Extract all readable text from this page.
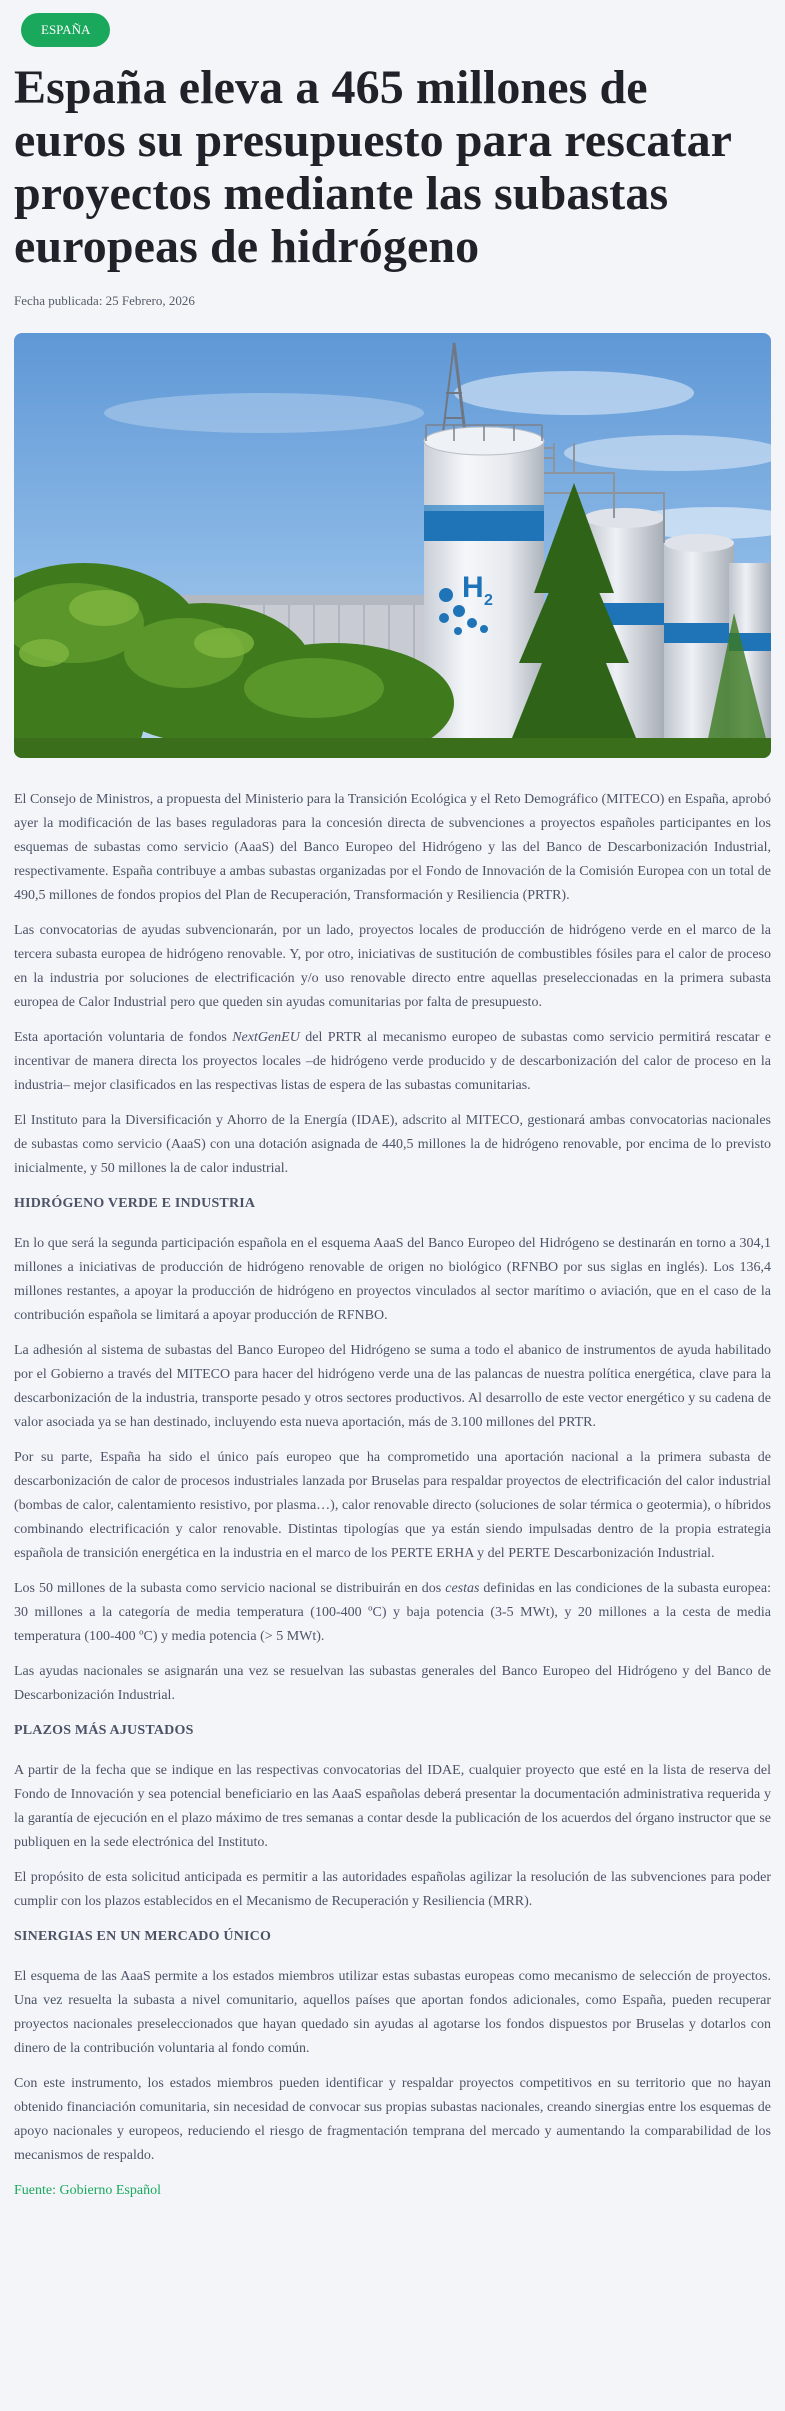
ESPAÑA
España eleva a 465 millones de euros su presupuesto para rescatar proyectos mediante las subastas europeas de hidrógeno
Fecha publicada: 25 Febrero, 2026
H 2

El Consejo de Ministros, a propuesta del Ministerio para la Transición Ecológica y el Reto Demográfico (MITECO) en España, aprobó ayer la modificación de las bases reguladoras para la concesión directa de subvenciones a proyectos españoles participantes en los esquemas de subastas como servicio (AaaS) del Banco Europeo del Hidrógeno y las del Banco de Descarbonización Industrial, respectivamente. España contribuye a ambas subastas organizadas por el Fondo de Innovación de la Comisión Europea con un total de 490,5 millones de fondos propios del Plan de Recuperación, Transformación y Resiliencia (PRTR).

Las convocatorias de ayudas subvencionarán, por un lado, proyectos locales de producción de hidrógeno verde en el marco de la tercera subasta europea de hidrógeno renovable. Y, por otro, iniciativas de sustitución de combustibles fósiles para el calor de proceso en la industria por soluciones de electrificación y/o uso renovable directo entre aquellas preseleccionadas en la primera subasta europea de Calor Industrial pero que queden sin ayudas comunitarias por falta de presupuesto.

Esta aportación voluntaria de fondos NextGenEU del PRTR al mecanismo europeo de subastas como servicio permitirá rescatar e incentivar de manera directa los proyectos locales –de hidrógeno verde producido y de descarbonización del calor de proceso en la industria– mejor clasificados en las respectivas listas de espera de las subastas comunitarias.

El Instituto para la Diversificación y Ahorro de la Energía (IDAE), adscrito al MITECO, gestionará ambas convocatorias nacionales de subastas como servicio (AaaS) con una dotación asignada de 440,5 millones la de hidrógeno renovable, por encima de lo previsto inicialmente, y 50 millones la de calor industrial.

HIDRÓGENO VERDE E INDUSTRIA

En lo que será la segunda participación española en el esquema AaaS del Banco Europeo del Hidrógeno se destinarán en torno a 304,1 millones a iniciativas de producción de hidrógeno renovable de origen no biológico (RFNBO por sus siglas en inglés). Los 136,4 millones restantes, a apoyar la producción de hidrógeno en proyectos vinculados al sector marítimo o aviación, que en el caso de la contribución española se limitará a apoyar producción de RFNBO.

La adhesión al sistema de subastas del Banco Europeo del Hidrógeno se suma a todo el abanico de instrumentos de ayuda habilitado por el Gobierno a través del MITECO para hacer del hidrógeno verde una de las palancas de nuestra política energética, clave para la descarbonización de la industria, transporte pesado y otros sectores productivos. Al desarrollo de este vector energético y su cadena de valor asociada ya se han destinado, incluyendo esta nueva aportación, más de 3.100 millones del PRTR.

Por su parte, España ha sido el único país europeo que ha comprometido una aportación nacional a la primera subasta de descarbonización de calor de procesos industriales lanzada por Bruselas para respaldar proyectos de electrificación del calor industrial (bombas de calor, calentamiento resistivo, por plasma…), calor renovable directo (soluciones de solar térmica o geotermia), o híbridos combinando electrificación y calor renovable. Distintas tipologías que ya están siendo impulsadas dentro de la propia estrategia española de transición energética en la industria en el marco de los PERTE ERHA y del PERTE Descarbonización Industrial.

Los 50 millones de la subasta como servicio nacional se distribuirán en dos cestas definidas en las condiciones de la subasta europea: 30 millones a la categoría de media temperatura (100-400 ºC) y baja potencia (3-5 MWt), y 20 millones a la cesta de media temperatura (100-400 ºC) y media potencia (> 5 MWt).

Las ayudas nacionales se asignarán una vez se resuelvan las subastas generales del Banco Europeo del Hidrógeno y del Banco de Descarbonización Industrial.

PLAZOS MÁS AJUSTADOS

A partir de la fecha que se indique en las respectivas convocatorias del IDAE, cualquier proyecto que esté en la lista de reserva del Fondo de Innovación y sea potencial beneficiario en las AaaS españolas deberá presentar la documentación administrativa requerida y la garantía de ejecución en el plazo máximo de tres semanas a contar desde la publicación de los acuerdos del órgano instructor que se publiquen en la sede electrónica del Instituto.

El propósito de esta solicitud anticipada es permitir a las autoridades españolas agilizar la resolución de las subvenciones para poder cumplir con los plazos establecidos en el Mecanismo de Recuperación y Resiliencia (MRR).

SINERGIAS EN UN MERCADO ÚNICO

El esquema de las AaaS permite a los estados miembros utilizar estas subastas europeas como mecanismo de selección de proyectos. Una vez resuelta la subasta a nivel comunitario, aquellos países que aportan fondos adicionales, como España, pueden recuperar proyectos nacionales preseleccionados que hayan quedado sin ayudas al agotarse los fondos dispuestos por Bruselas y dotarlos con dinero de la contribución voluntaria al fondo común.

Con este instrumento, los estados miembros pueden identificar y respaldar proyectos competitivos en su territorio que no hayan obtenido financiación comunitaria, sin necesidad de convocar sus propias subastas nacionales, creando sinergias entre los esquemas de apoyo nacionales y europeos, reduciendo el riesgo de fragmentación temprana del mercado y aumentando la comparabilidad de los mecanismos de respaldo.

Fuente: Gobierno Español
